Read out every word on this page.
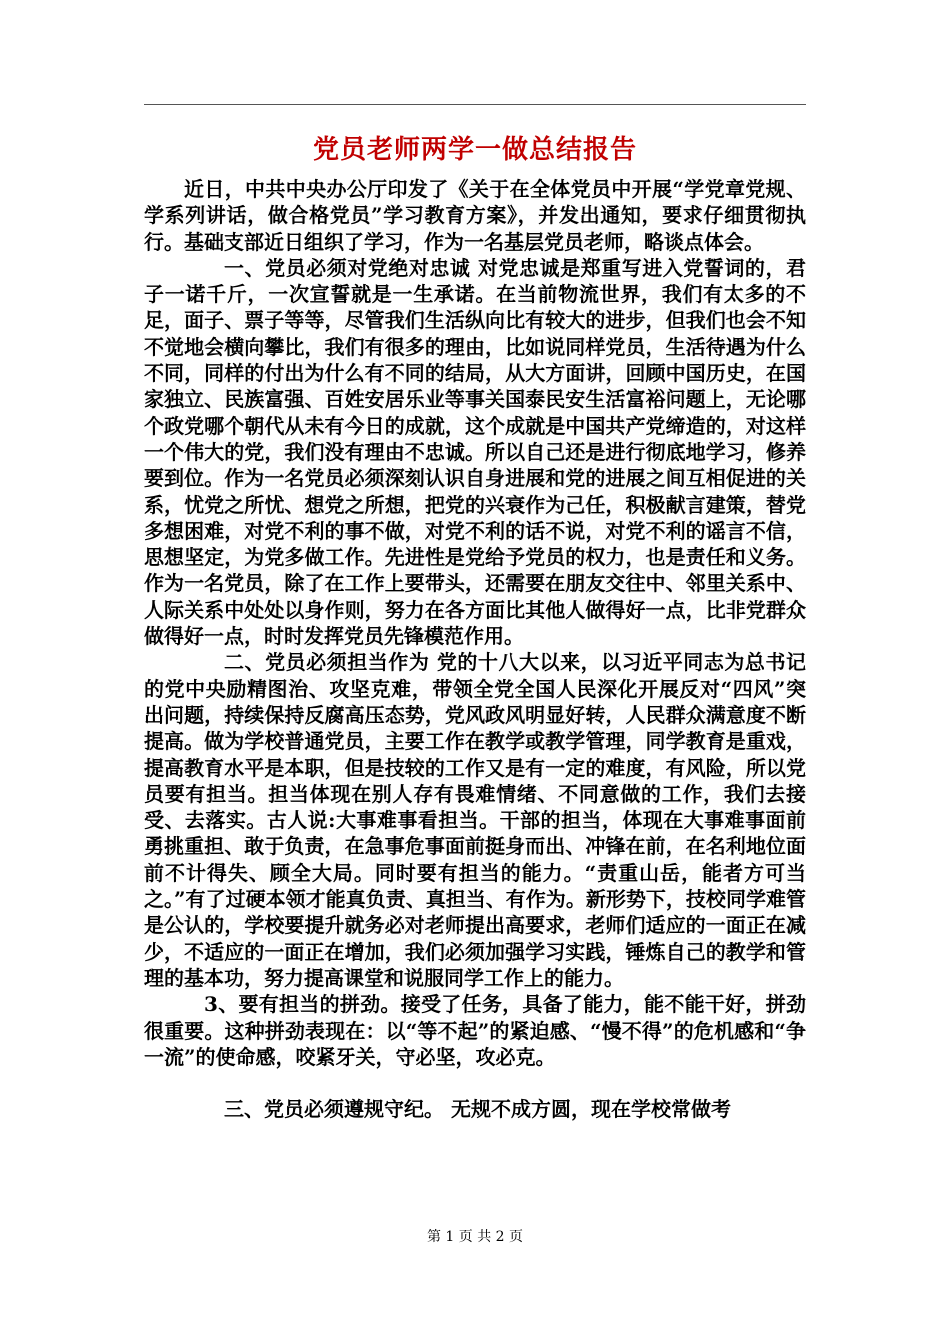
党员老师两学一做总结报告

近日，中共中央办公厅印发了《关于在全体党员中开展“学党章党规、学系列讲话，做合格党员”学习教育方案》，并发出通知，要求仔细贯彻执行。基础支部近日组织了学习，作为一名基层党员老师，略谈点体会。

一、党员必须对党绝对忠诚 对党忠诚是郑重写进入党誓词的，君子一诺千斤，一次宣誓就是一生承诺。在当前物流世界，我们有太多的不足，面子、票子等等，尽管我们生活纵向比有较大的进步，但我们也会不知不觉地会横向攀比，我们有很多的理由，比如说同样党员，生活待遇为什么不同，同样的付出为什么有不同的结局，从大方面讲，回顾中国历史，在国家独立、民族富强、百姓安居乐业等事关国泰民安生活富裕问题上，无论哪个政党哪个朝代从未有今日的成就，这个成就是中国共产党缔造的，对这样一个伟大的党，我们没有理由不忠诚。所以自己还是进行彻底地学习，修养要到位。作为一名党员必须深刻认识自身进展和党的进展之间互相促进的关系，忧党之所忧、想党之所想，把党的兴衰作为己任，积极献言建策，替党多想困难，对党不利的事不做，对党不利的话不说，对党不利的谣言不信，思想坚定，为党多做工作。先进性是党给予党员的权力，也是责任和义务。作为一名党员，除了在工作上要带头，还需要在朋友交往中、邻里关系中、人际关系中处处以身作则，努力在各方面比其他人做得好一点，比非党群众做得好一点，时时发挥党员先锋模范作用。

二、党员必须担当作为 党的十八大以来，以习近平同志为总书记的党中央励精图治、攻坚克难，带领全党全国人民深化开展反对“四风”突出问题，持续保持反腐高压态势，党风政风明显好转，人民群众满意度不断提高。做为学校普通党员，主要工作在教学或教学管理，同学教育是重戏，提高教育水平是本职，但是技较的工作又是有一定的难度，有风险，所以党员要有担当。担当体现在别人存有畏难情绪、不同意做的工作，我们去接受、去落实。古人说:大事难事看担当。干部的担当，体现在大事难事面前勇挑重担、敢于负责，在急事危事面前挺身而出、冲锋在前，在名利地位面前不计得失、顾全大局。同时要有担当的能力。“责重山岳，能者方可当之。”有了过硬本领才能真负责、真担当、有作为。新形势下，技校同学难管是公认的，学校要提升就务必对老师提出高要求，老师们适应的一面正在减少，不适应的一面正在增加，我们必须加强学习实践，锤炼自己的教学和管理的基本功，努力提高课堂和说服同学工作上的能力。

3、要有担当的拼劲。接受了任务，具备了能力，能不能干好，拼劲很重要。这种拼劲表现在：以“等不起”的紧迫感、“慢不得”的危机感和“争一流”的使命感，咬紧牙关，守必坚，攻必克。

三、党员必须遵规守纪。 无规不成方圆，现在学校常做考

第 1 页 共 2 页
